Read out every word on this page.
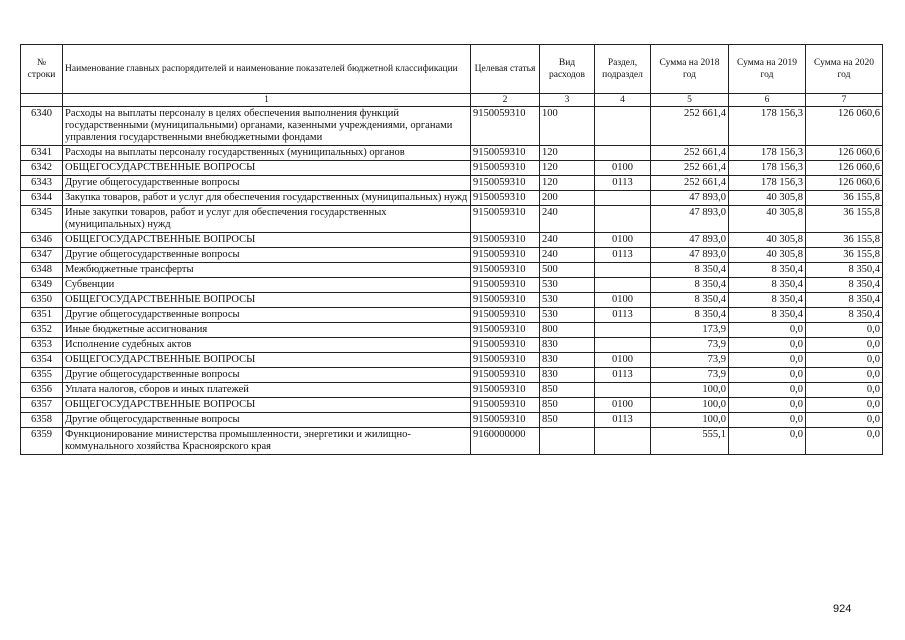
№ строки	Наименование главных распорядителей и наименование показателей бюджетной классификации	Целевая статья	Вид расходов	Раздел, подраздел	Сумма на 2018 год	Сумма на 2019 год	Сумма на 2020 год
	1	2	3	4	5	6	7
6340	Расходы на выплаты персоналу в целях обеспечения выполнения функций государственными (муниципальными) органами, казенными учреждениями, органами управления государственными внебюджетными фондами	9150059310	100		252 661,4	178 156,3	126 060,6
6341	Расходы на выплаты персоналу государственных (муниципальных) органов	9150059310	120		252 661,4	178 156,3	126 060,6
6342	ОБЩЕГОСУДАРСТВЕННЫЕ ВОПРОСЫ	9150059310	120	0100	252 661,4	178 156,3	126 060,6
6343	Другие общегосударственные вопросы	9150059310	120	0113	252 661,4	178 156,3	126 060,6
6344	Закупка товаров, работ и услуг для обеспечения государственных (муниципальных) нужд	9150059310	200		47 893,0	40 305,8	36 155,8
6345	Иные закупки товаров, работ и услуг для обеспечения государственных (муниципальных) нужд	9150059310	240		47 893,0	40 305,8	36 155,8
6346	ОБЩЕГОСУДАРСТВЕННЫЕ ВОПРОСЫ	9150059310	240	0100	47 893,0	40 305,8	36 155,8
6347	Другие общегосударственные вопросы	9150059310	240	0113	47 893,0	40 305,8	36 155,8
6348	Межбюджетные трансферты	9150059310	500		8 350,4	8 350,4	8 350,4
6349	Субвенции	9150059310	530		8 350,4	8 350,4	8 350,4
6350	ОБЩЕГОСУДАРСТВЕННЫЕ ВОПРОСЫ	9150059310	530	0100	8 350,4	8 350,4	8 350,4
6351	Другие общегосударственные вопросы	9150059310	530	0113	8 350,4	8 350,4	8 350,4
6352	Иные бюджетные ассигнования	9150059310	800		173,9	0,0	0,0
6353	Исполнение судебных актов	9150059310	830		73,9	0,0	0,0
6354	ОБЩЕГОСУДАРСТВЕННЫЕ ВОПРОСЫ	9150059310	830	0100	73,9	0,0	0,0
6355	Другие общегосударственные вопросы	9150059310	830	0113	73,9	0,0	0,0
6356	Уплата налогов, сборов и иных платежей	9150059310	850		100,0	0,0	0,0
6357	ОБЩЕГОСУДАРСТВЕННЫЕ ВОПРОСЫ	9150059310	850	0100	100,0	0,0	0,0
6358	Другие общегосударственные вопросы	9150059310	850	0113	100,0	0,0	0,0
6359	Функционирование министерства промышленности, энергетики и жилищно-коммунального хозяйства Красноярского края	9160000000			555,1	0,0	0,0
924
